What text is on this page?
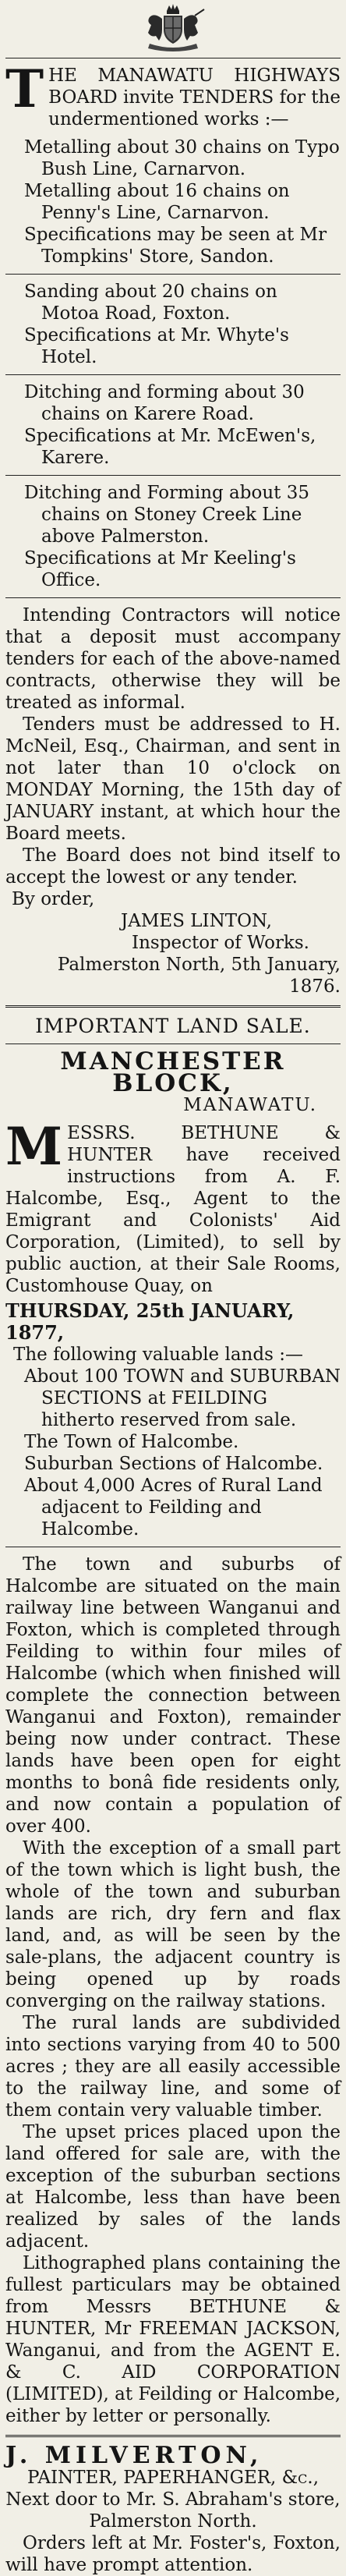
THE MANAWATU HIGHWAYS BOARD invite TENDERS for the undermentioned works :—

Metalling about 30 chains on Typo Bush Line, Carnarvon.

Metalling about 16 chains on Penny's Line, Carnarvon.

Specifications may be seen at Mr Tompkins' Store, Sandon.

Sanding about 20 chains on Motoa Road, Foxton.

Specifications at Mr. Whyte's Hotel.

Ditching and forming about 30 chains on Karere Road.

Specifications at Mr. McEwen's, Karere.

Ditching and Forming about 35 chains on Stoney Creek Line above Palmerston.

Specifications at Mr Keeling's Office.

Intending Contractors will notice that a deposit must accompany tenders for each of the above-named contracts, otherwise they will be treated as informal.

Tenders must be addressed to H. McNeil, Esq., Chairman, and sent in not later than 10 o'clock on MONDAY Morning, the 15th day of JANUARY instant, at which hour the Board meets.

The Board does not bind itself to accept the lowest or any tender.

By order,

JAMES LINTON,

Inspector of Works.

Palmerston North, 5th January, 1876.

IMPORTANT LAND SALE.

MANCHESTER BLOCK,

MANAWATU.

MESSRS. BETHUNE & HUNTER have received instructions from A. F. Halcombe, Esq., Agent to the Emigrant and Colonists' Aid Corporation, (Limited), to sell by public auction, at their Sale Rooms, Customhouse Quay, on

THURSDAY, 25th JANUARY, 1877,

The following valuable lands :—

About 100 TOWN and SUBURBAN SECTIONS at FEILDING hitherto reserved from sale.

The Town of Halcombe.

Suburban Sections of Halcombe.

About 4,000 Acres of Rural Land adjacent to Feilding and Halcombe.

The town and suburbs of Halcombe are situated on the main railway line between Wanganui and Foxton, which is completed through Feilding to within four miles of Halcombe (which when finished will complete the connection between Wanganui and Foxton), remainder being now under contract. These lands have been open for eight months to bonâ fide residents only, and now contain a population of over 400.

With the exception of a small part of the town which is light bush, the whole of the town and suburban lands are rich, dry fern and flax land, and, as will be seen by the sale-plans, the adjacent country is being opened up by roads converging on the railway stations.

The rural lands are subdivided into sections varying from 40 to 500 acres ; they are all easily accessible to the railway line, and some of them contain very valuable timber.

The upset prices placed upon the land offered for sale are, with the exception of the suburban sections at Halcombe, less than have been realized by sales of the lands adjacent.

Lithographed plans containing the fullest particulars may be obtained from Messrs BETHUNE & HUNTER, Mr FREEMAN JACKSON, Wanganui, and from the AGENT E. & C. AID CORPORATION (LIMITED), at Feilding or Halcombe, either by letter or personally.

J. MILVERTON,

PAINTER, PAPERHANGER, &c.,

Next door to Mr. S. Abraham's store, Palmerston North.

Orders left at Mr. Foster's, Foxton, will have prompt attention.
